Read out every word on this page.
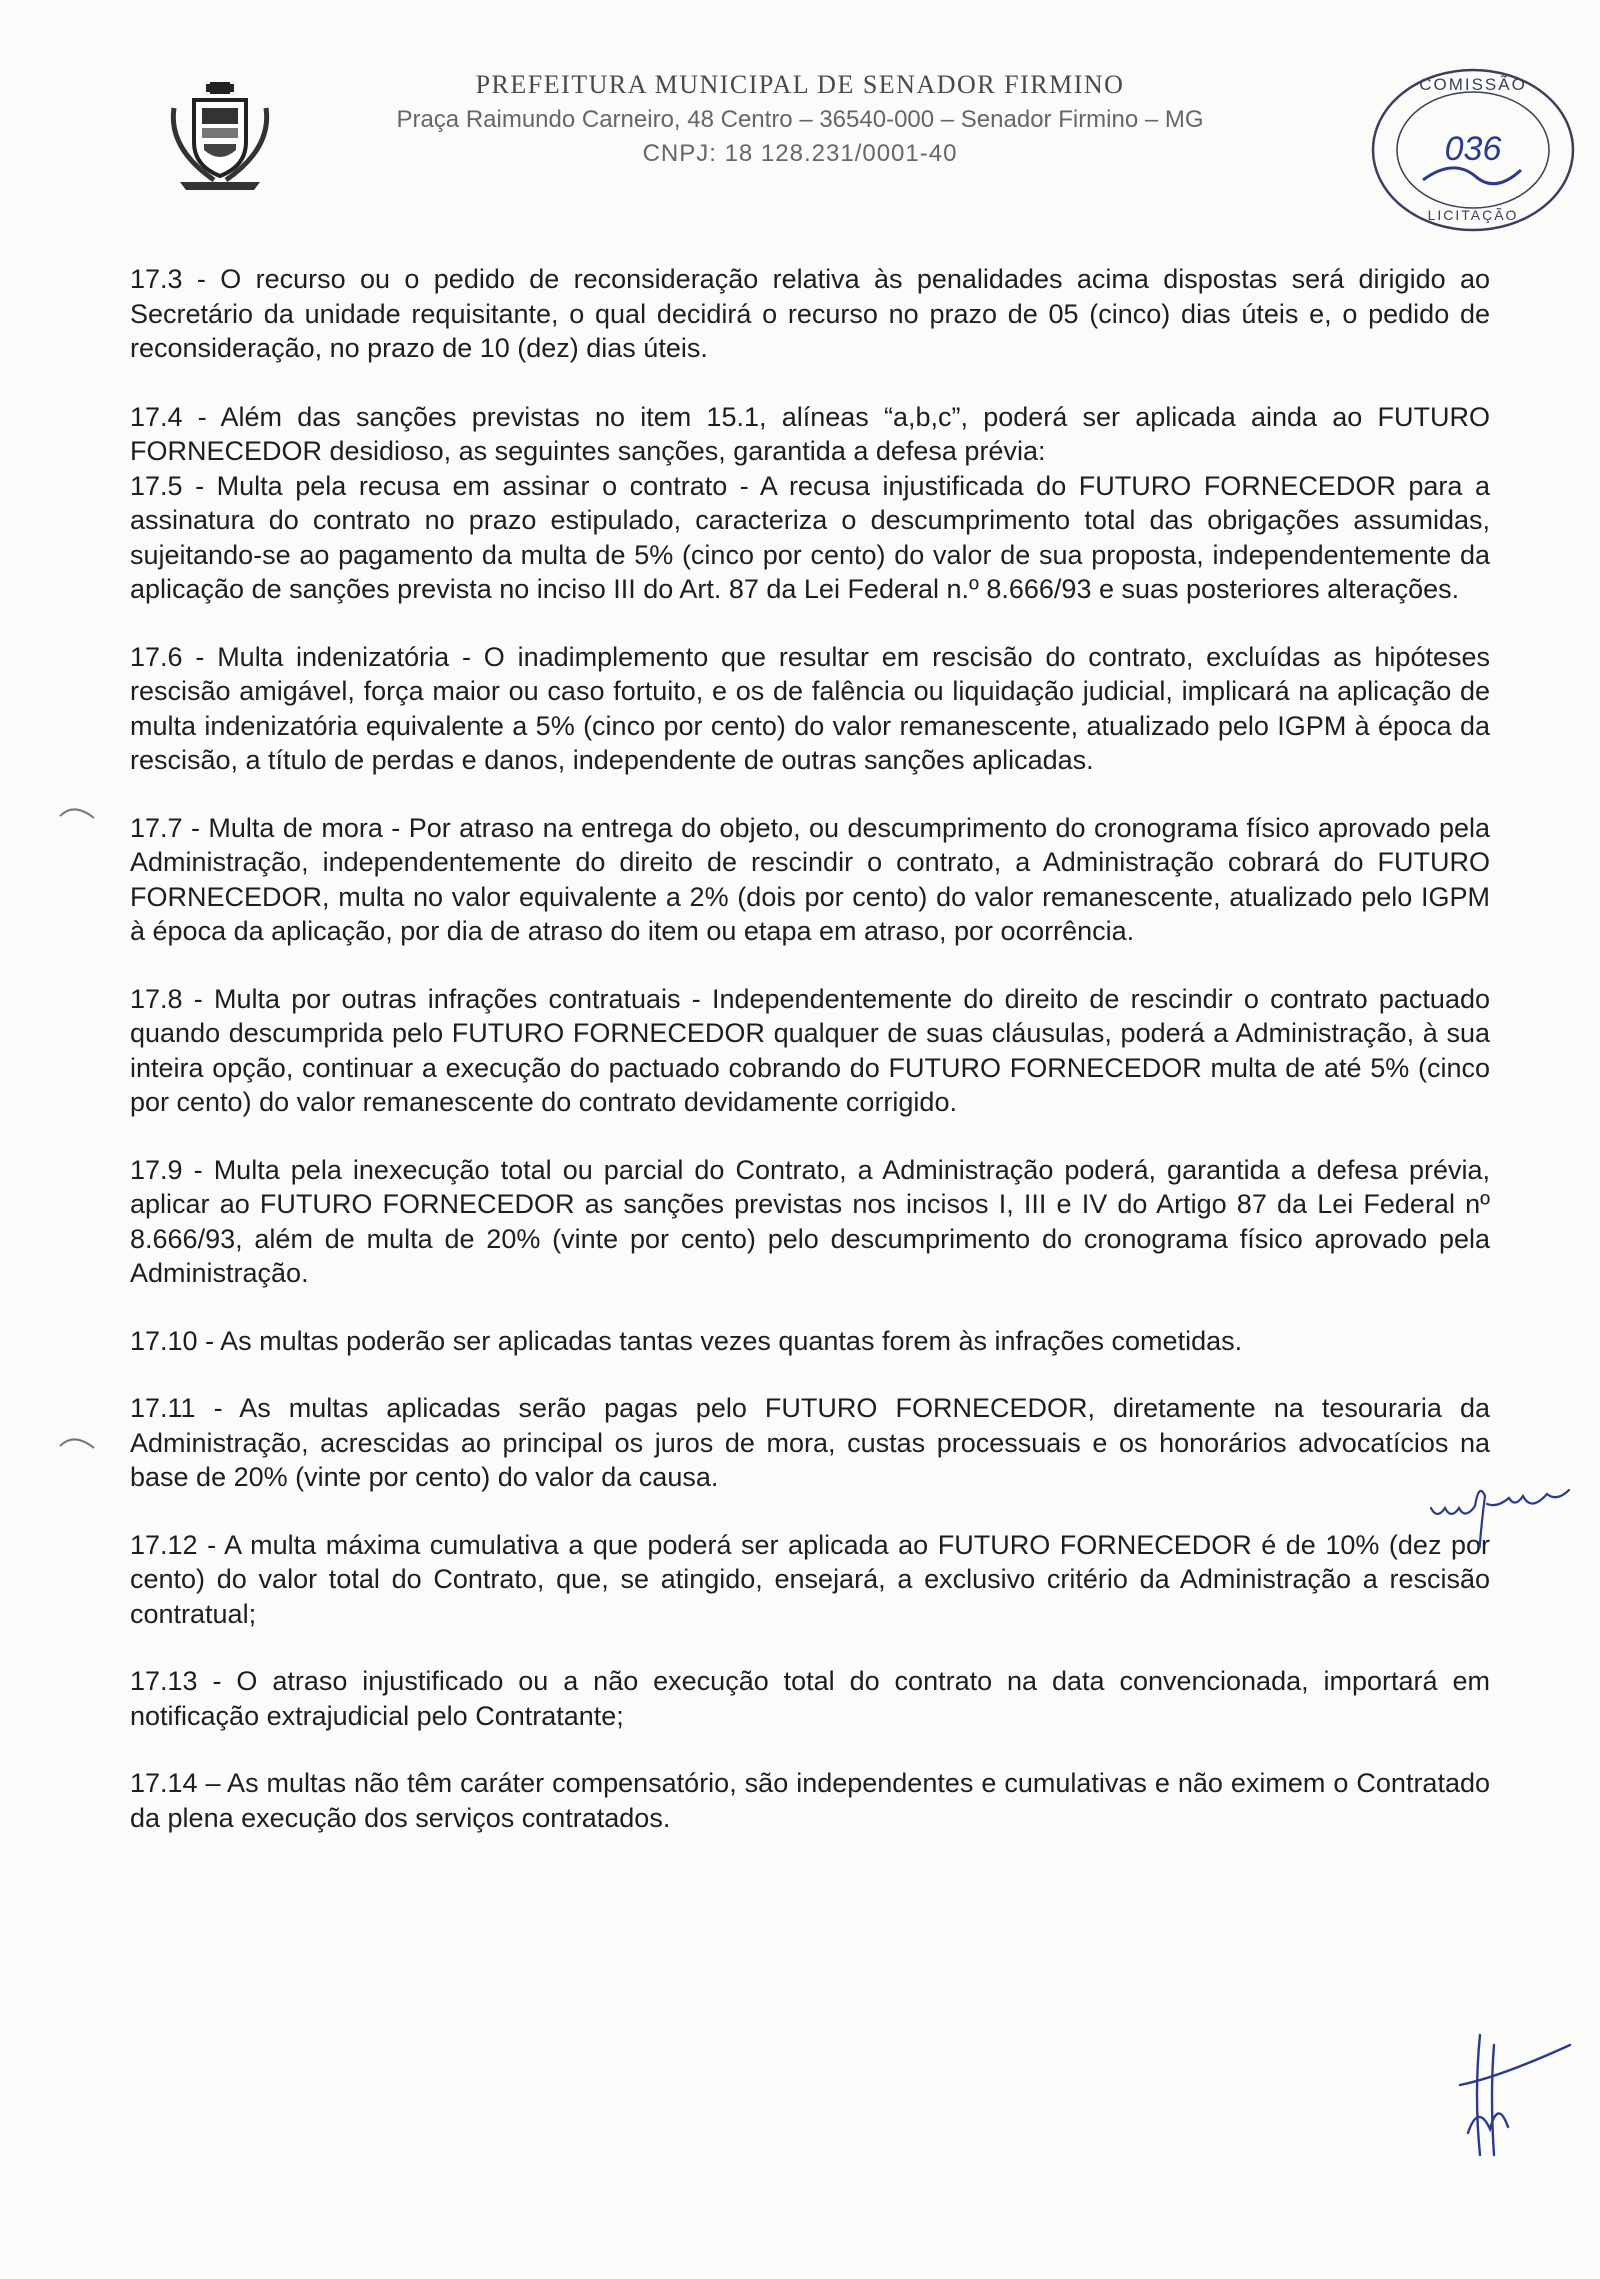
PREFEITURA MUNICIPAL DE SENADOR FIRMINO

Praça Raimundo Carneiro, 48 Centro – 36540-000 – Senador Firmino – MG
CNPJ: 18 128.231/0001-40
COMISSÃO
036
LICITAÇÃO

17.3 - O recurso ou o pedido de reconsideração relativa às penalidades acima dispostas será dirigido ao Secretário da unidade requisitante, o qual decidirá o recurso no prazo de 05 (cinco) dias úteis e, o pedido de reconsideração, no prazo de 10 (dez) dias úteis.

17.4 - Além das sanções previstas no item 15.1, alíneas “a,b,c”, poderá ser aplicada ainda ao FUTURO FORNECEDOR desidioso, as seguintes sanções, garantida a defesa prévia:

17.5 - Multa pela recusa em assinar o contrato - A recusa injustificada do FUTURO FORNECEDOR para a assinatura do contrato no prazo estipulado, caracteriza o descumprimento total das obrigações assumidas, sujeitando-se ao pagamento da multa de 5% (cinco por cento) do valor de sua proposta, independentemente da aplicação de sanções prevista no inciso III do Art. 87 da Lei Federal n.º 8.666/93 e suas posteriores alterações.

17.6 - Multa indenizatória - O inadimplemento que resultar em rescisão do contrato, excluídas as hipóteses rescisão amigável, força maior ou caso fortuito, e os de falência ou liquidação judicial, implicará na aplicação de multa indenizatória equivalente a 5% (cinco por cento) do valor remanescente, atualizado pelo IGPM à época da rescisão, a título de perdas e danos, independente de outras sanções aplicadas.

17.7 - Multa de mora - Por atraso na entrega do objeto, ou descumprimento do cronograma físico aprovado pela Administração, independentemente do direito de rescindir o contrato, a Administração cobrará do FUTURO FORNECEDOR, multa no valor equivalente a 2% (dois por cento) do valor remanescente, atualizado pelo IGPM à época da aplicação, por dia de atraso do item ou etapa em atraso, por ocorrência.

17.8 - Multa por outras infrações contratuais - Independentemente do direito de rescindir o contrato pactuado quando descumprida pelo FUTURO FORNECEDOR qualquer de suas cláusulas, poderá a Administração, à sua inteira opção, continuar a execução do pactuado cobrando do FUTURO FORNECEDOR multa de até 5% (cinco por cento) do valor remanescente do contrato devidamente corrigido.

17.9 - Multa pela inexecução total ou parcial do Contrato, a Administração poderá, garantida a defesa prévia, aplicar ao FUTURO FORNECEDOR as sanções previstas nos incisos I, III e IV do Artigo 87 da Lei Federal nº 8.666/93, além de multa de 20% (vinte por cento) pelo descumprimento do cronograma físico aprovado pela Administração.

17.10 - As multas poderão ser aplicadas tantas vezes quantas forem às infrações cometidas.

17.11 - As multas aplicadas serão pagas pelo FUTURO FORNECEDOR, diretamente na tesouraria da Administração, acrescidas ao principal os juros de mora, custas processuais e os honorários advocatícios na base de 20% (vinte por cento) do valor da causa.

17.12 - A multa máxima cumulativa a que poderá ser aplicada ao FUTURO FORNECEDOR é de 10% (dez por cento) do valor total do Contrato, que, se atingido, ensejará, a exclusivo critério da Administração a rescisão contratual;

17.13 - O atraso injustificado ou a não execução total do contrato na data convencionada, importará em notificação extrajudicial pelo Contratante;

17.14 – As multas não têm caráter compensatório, são independentes e cumulativas e não eximem o Contratado da plena execução dos serviços contratados.
